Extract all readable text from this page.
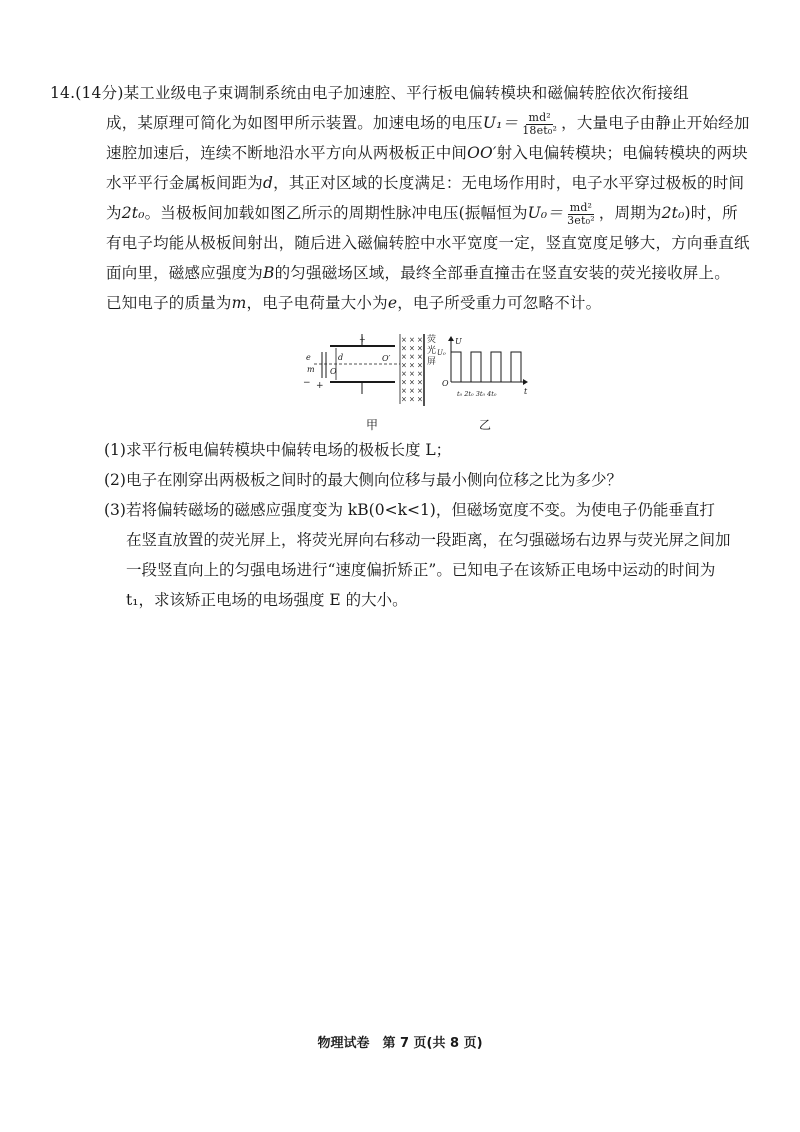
14.(14分)某工业级电子束调制系统由电子加速腔、平行板电偏转模块和磁偏转腔依次衔接组
成，某原理可简化为如图甲所示装置。加速电场的电压$U_1= \frac{\text{md²}}{\text{18et₀²}}$ ，大量电子由静止开始经加
速腔加速后，连续不断地沿水平方向从两极板正中间OO′射入电偏转模块；电偏转模块的两块
水平平行金属板间距为d，其正对区域的长度满足：无电场作用时，电子水平穿过极板的时间
为2t₀。当极板间加载如图乙所示的周期性脉冲电压(振幅恒为$U_0= \frac{\text{md²}}{\text{3et₀²}}$ ，周期为2t₀)时，所
有电子均能从极板间射出，随后进入磁偏转腔中水平宽度一定，竖直宽度足够大，方向垂直纸
面向里，磁感应强度为B的匀强磁场区域，最终全部垂直撞击在竖直安装的荧光接收屏上。
已知电子的质量为m，电子电荷量大小为e，电子所受重力可忽略不计。
× × ×
× × ×
× × ×
× × ×
× × ×
× × ×
× × ×
× × ×
e
m
− +
d
O
O′
+	荧
光
屏
甲
U
U₀
O
t
t₀ 2t₀ 3t₀ 4t₀
乙
(1)求平行板电偏转模块中偏转电场的极板长度 L；
(2)电子在刚穿出两极板之间时的最大侧向位移与最小侧向位移之比为多少？
(3)若将偏转磁场的磁感应强度变为 kB(0<k<1)，但磁场宽度不变。为使电子仍能垂直打
在竖直放置的荧光屏上，将荧光屏向右移动一段距离，在匀强磁场右边界与荧光屏之间加
一段竖直向上的匀强电场进行“速度偏折矫正”。已知电子在该矫正电场中运动的时间为
t₁，求该矫正电场的电场强度 E 的大小。
物理试卷　第 7 页(共 8 页)
